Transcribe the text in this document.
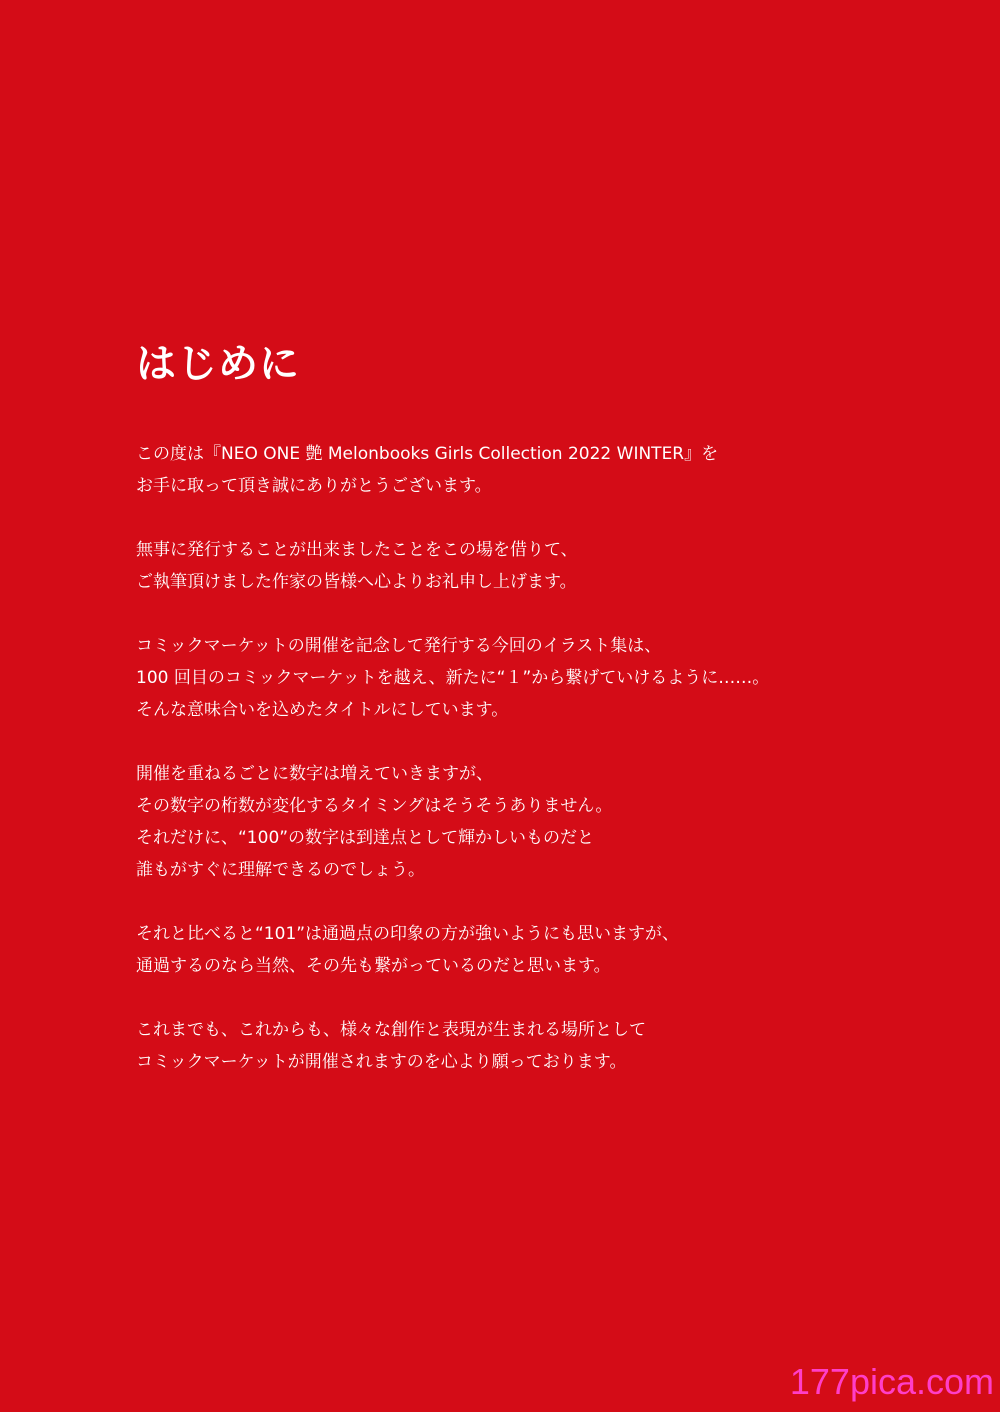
はじめに

この度は『NEO ONE 艶 Melonbooks Girls Collection 2022 WINTER』を
お手に取って頂き誠にありがとうございます。

無事に発行することが出来ましたことをこの場を借りて、
ご執筆頂けました作家の皆様へ心よりお礼申し上げます。

コミックマーケットの開催を記念して発行する今回のイラスト集は、
100 回目のコミックマーケットを越え、新たに“１”から繋げていけるように……。
そんな意味合いを込めたタイトルにしています。

開催を重ねるごとに数字は増えていきますが、
その数字の桁数が変化するタイミングはそうそうありません。
それだけに、“100”の数字は到達点として輝かしいものだと
誰もがすぐに理解できるのでしょう。

それと比べると“101”は通過点の印象の方が強いようにも思いますが、
通過するのなら当然、その先も繋がっているのだと思います。

これまでも、これからも、様々な創作と表現が生まれる場所として
コミックマーケットが開催されますのを心より願っております。

177pica.com
